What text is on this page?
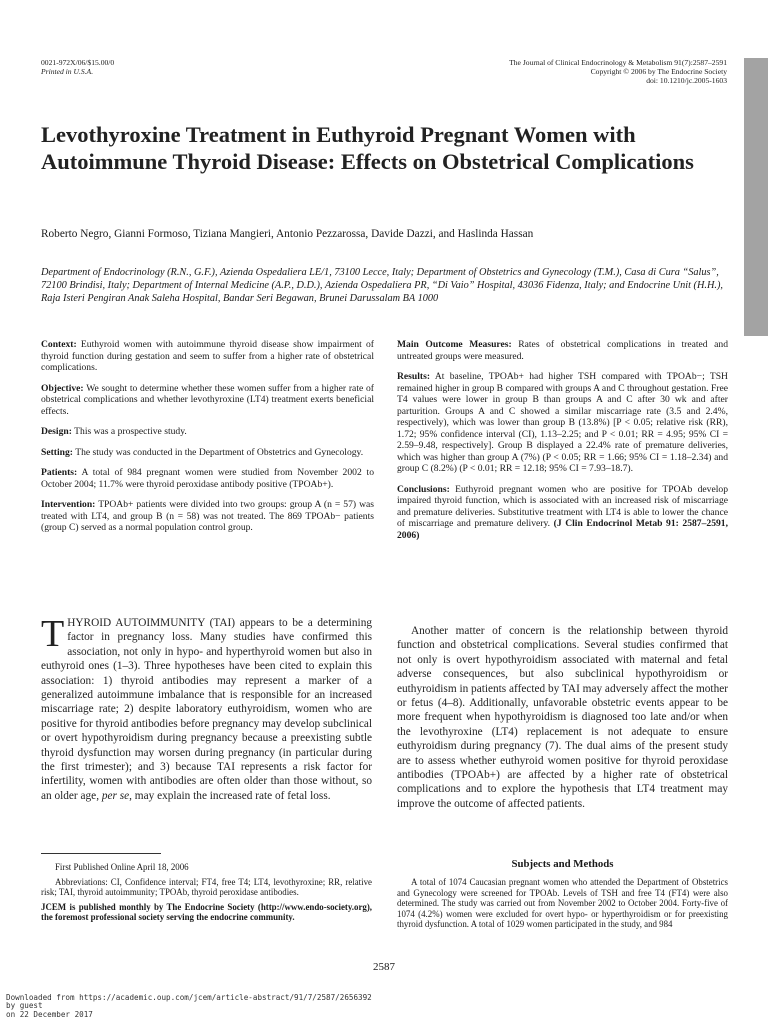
0021-972X/06/$15.00/0
Printed in U.S.A.
The Journal of Clinical Endocrinology & Metabolism 91(7):2587–2591
Copyright © 2006 by The Endocrine Society
doi: 10.1210/jc.2005-1603
Levothyroxine Treatment in Euthyroid Pregnant Women with Autoimmune Thyroid Disease: Effects on Obstetrical Complications

Roberto Negro, Gianni Formoso, Tiziana Mangieri, Antonio Pezzarossa, Davide Dazzi, and Haslinda Hassan

Department of Endocrinology (R.N., G.F.), Azienda Ospedaliera LE/1, 73100 Lecce, Italy; Department of Obstetrics and Gynecology (T.M.), Casa di Cura “Salus”, 72100 Brindisi, Italy; Department of Internal Medicine (A.P., D.D.), Azienda Ospedaliera PR, “Di Vaio” Hospital, 43036 Fidenza, Italy; and Endocrine Unit (H.H.), Raja Isteri Pengiran Anak Saleha Hospital, Bandar Seri Begawan, Brunei Darussalam BA 1000

Context: Euthyroid women with autoimmune thyroid disease show impairment of thyroid function during gestation and seem to suffer from a higher rate of obstetrical complications.

Objective: We sought to determine whether these women suffer from a higher rate of obstetrical complications and whether levothyroxine (LT4) treatment exerts beneficial effects.

Design: This was a prospective study.

Setting: The study was conducted in the Department of Obstetrics and Gynecology.

Patients: A total of 984 pregnant women were studied from November 2002 to October 2004; 11.7% were thyroid peroxidase antibody positive (TPOAb+).

Intervention: TPOAb+ patients were divided into two groups: group A (n = 57) was treated with LT4, and group B (n = 58) was not treated. The 869 TPOAb− patients (group C) served as a normal population control group.

Main Outcome Measures: Rates of obstetrical complications in treated and untreated groups were measured.

Results: At baseline, TPOAb+ had higher TSH compared with TPOAb−; TSH remained higher in group B compared with groups A and C throughout gestation. Free T4 values were lower in group B than groups A and C after 30 wk and after parturition. Groups A and C showed a similar miscarriage rate (3.5 and 2.4%, respectively), which was lower than group B (13.8%) [P < 0.05; relative risk (RR), 1.72; 95% confidence interval (CI), 1.13–2.25; and P < 0.01; RR = 4.95; 95% CI = 2.59–9.48, respectively]. Group B displayed a 22.4% rate of premature deliveries, which was higher than group A (7%) (P < 0.05; RR = 1.66; 95% CI = 1.18–2.34) and group C (8.2%) (P < 0.01; RR = 12.18; 95% CI = 7.93–18.7).

Conclusions: Euthyroid pregnant women who are positive for TPOAb develop impaired thyroid function, which is associated with an increased risk of miscarriage and premature deliveries. Substitutive treatment with LT4 is able to lower the chance of miscarriage and premature delivery. (J Clin Endocrinol Metab 91: 2587–2591, 2006)

THYROID AUTOIMMUNITY (TAI) appears to be a determining factor in pregnancy loss. Many studies have confirmed this association, not only in hypo- and hyperthyroid women but also in euthyroid ones (1–3). Three hypotheses have been cited to explain this association: 1) thyroid antibodies may represent a marker of a generalized autoimmune imbalance that is responsible for an increased miscarriage rate; 2) despite laboratory euthyroidism, women who are positive for thyroid antibodies before pregnancy may develop subclinical or overt hypothyroidism during pregnancy because a preexisting subtle thyroid dysfunction may worsen during pregnancy (in particular during the first trimester); and 3) because TAI represents a risk factor for infertility, women with antibodies are often older than those without, so an older age, per se, may explain the increased rate of fetal loss.

Another matter of concern is the relationship between thyroid function and obstetrical complications. Several studies confirmed that not only is overt hypothyroidism associated with maternal and fetal adverse consequences, but also subclinical hypothyroidism or euthyroidism in patients affected by TAI may adversely affect the mother or fetus (4–8). Additionally, unfavorable obstetric events appear to be more frequent when hypothyroidism is diagnosed too late and/or when the levothyroxine (LT4) replacement is not adequate to ensure euthyroidism during pregnancy (7). The dual aims of the present study are to assess whether euthyroid women positive for thyroid peroxidase antibodies (TPOAb+) are affected by a higher rate of obstetrical complications and to explore the hypothesis that LT4 treatment may improve the outcome of affected patients.

First Published Online April 18, 2006

Abbreviations: CI, Confidence interval; FT4, free T4; LT4, levothyroxine; RR, relative risk; TAI, thyroid autoimmunity; TPOAb, thyroid peroxidase antibodies.

JCEM is published monthly by The Endocrine Society (http://www.endo-society.org), the foremost professional society serving the endocrine community.

Subjects and Methods

A total of 1074 Caucasian pregnant women who attended the Department of Obstetrics and Gynecology were screened for TPOAb. Levels of TSH and free T4 (FT4) were also determined. The study was carried out from November 2002 to October 2004. Forty-five of 1074 (4.2%) women were excluded for overt hypo- or hyperthyroidism or for preexisting thyroid dysfunction. A total of 1029 women participated in the study, and 984

2587
Downloaded from https://academic.oup.com/jcem/article-abstract/91/7/2587/2656392
by guest
on 22 December 2017
